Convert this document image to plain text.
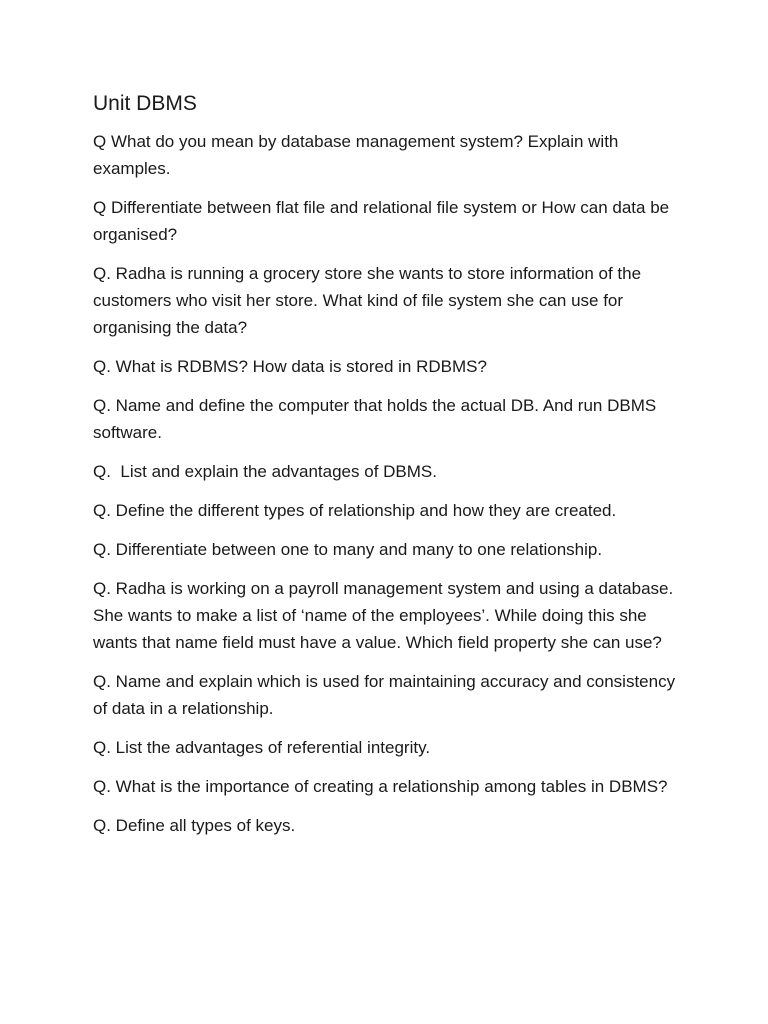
Unit DBMS
Q What do you mean by database management system? Explain with examples.
Q Differentiate between flat file and relational file system or How can data be organised?
Q. Radha is running a grocery store she wants to store information of the customers who visit her store. What kind of file system she can use for organising the data?
Q. What is RDBMS? How data is stored in RDBMS?
Q. Name and define the computer that holds the actual DB. And run DBMS software.
Q.  List and explain the advantages of DBMS.
Q. Define the different types of relationship and how they are created.
Q. Differentiate between one to many and many to one relationship.
Q. Radha is working on a payroll management system and using a database. She wants to make a list of ‘name of the employees’. While doing this she wants that name field must have a value. Which field property she can use?
Q. Name and explain which is used for maintaining accuracy and consistency of data in a relationship.
Q. List the advantages of referential integrity.
Q. What is the importance of creating a relationship among tables in DBMS?
Q. Define all types of keys.
